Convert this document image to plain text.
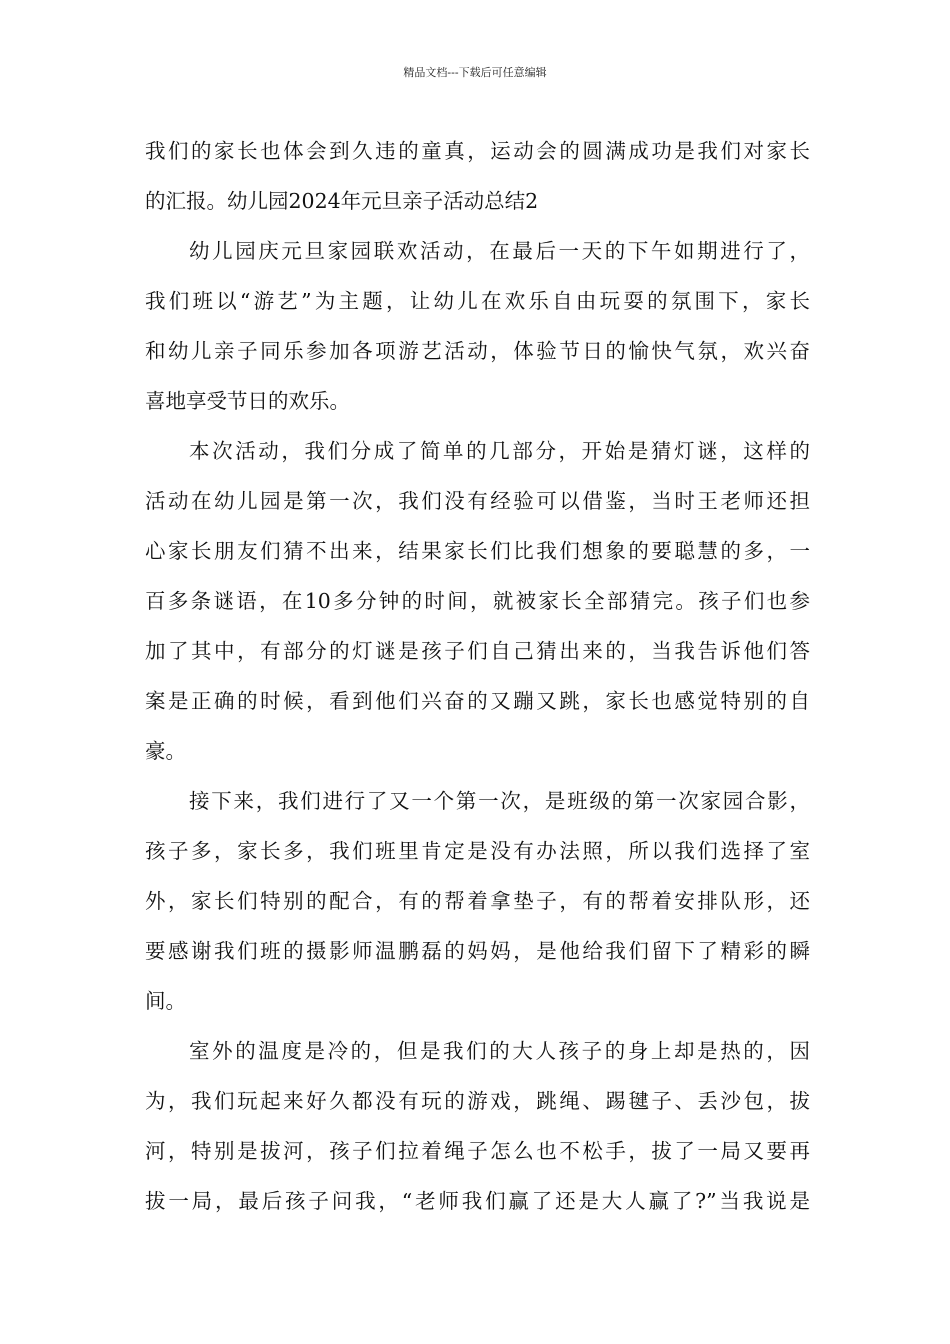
精品文档---下载后可任意编辑
我们的家长也体会到久违的童真，运动会的圆满成功是我们对家长
的汇报。幼儿园2024年元旦亲子活动总结2
幼儿园庆元旦家园联欢活动，在最后一天的下午如期进行了，
我们班以“游艺”为主题，让幼儿在欢乐自由玩耍的氛围下，家长
和幼儿亲子同乐参加各项游艺活动，体验节日的愉快气氛，欢兴奋
喜地享受节日的欢乐。
本次活动，我们分成了简单的几部分，开始是猜灯谜，这样的
活动在幼儿园是第一次，我们没有经验可以借鉴，当时王老师还担
心家长朋友们猜不出来，结果家长们比我们想象的要聪慧的多，一
百多条谜语，在10多分钟的时间，就被家长全部猜完。孩子们也参
加了其中，有部分的灯谜是孩子们自己猜出来的，当我告诉他们答
案是正确的时候，看到他们兴奋的又蹦又跳，家长也感觉特别的自
豪。
接下来，我们进行了又一个第一次，是班级的第一次家园合影，
孩子多，家长多，我们班里肯定是没有办法照，所以我们选择了室
外，家长们特别的配合，有的帮着拿垫子，有的帮着安排队形，还
要感谢我们班的摄影师温鹏磊的妈妈，是他给我们留下了精彩的瞬
间。
室外的温度是冷的，但是我们的大人孩子的身上却是热的，因
为，我们玩起来好久都没有玩的游戏，跳绳、踢毽子、丢沙包，拔
河，特别是拔河，孩子们拉着绳子怎么也不松手，拔了一局又要再
拔一局，最后孩子问我，“老师我们赢了还是大人赢了?”当我说是
